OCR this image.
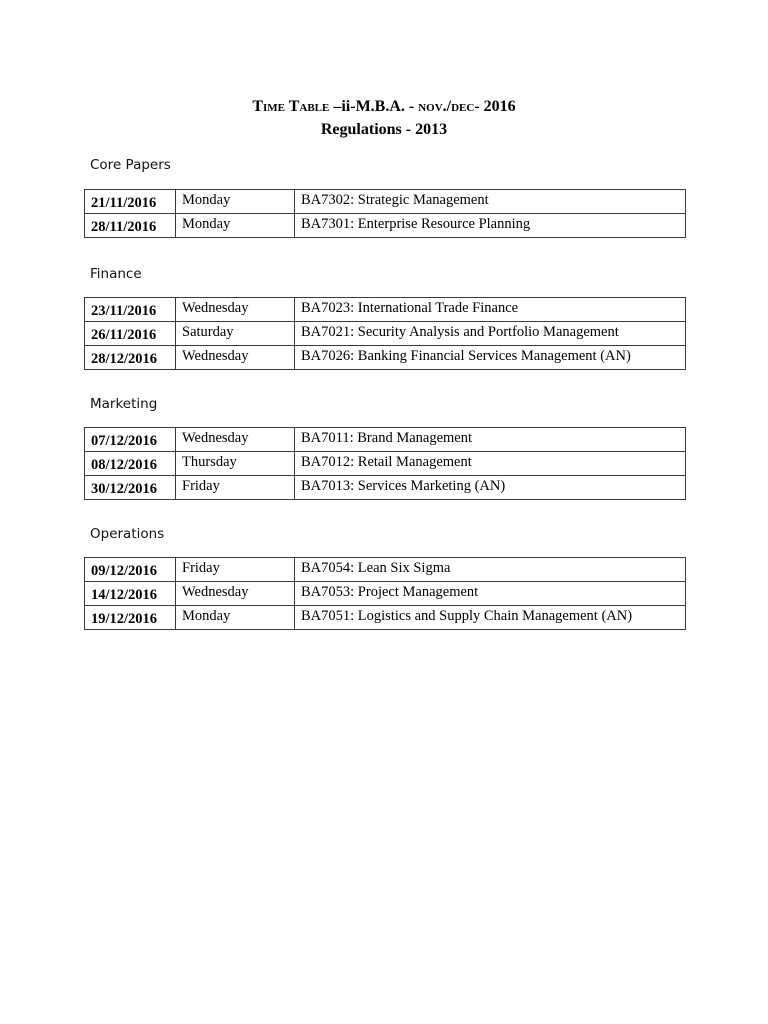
Time Table –ii-M.B.A. - nov./dec- 2016
Regulations - 2013
Core Papers
21/11/2016	Monday	BA7302: Strategic Management
28/11/2016	Monday	BA7301: Enterprise Resource Planning
Finance
23/11/2016	Wednesday	BA7023: International Trade Finance
26/11/2016	Saturday	BA7021: Security Analysis and Portfolio Management
28/12/2016	Wednesday	BA7026: Banking Financial Services Management (AN)
Marketing
07/12/2016	Wednesday	BA7011: Brand Management
08/12/2016	Thursday	BA7012: Retail Management
30/12/2016	Friday	BA7013: Services Marketing (AN)
Operations
09/12/2016	Friday	BA7054: Lean Six Sigma
14/12/2016	Wednesday	BA7053: Project Management
19/12/2016	Monday	BA7051: Logistics and Supply Chain Management (AN)
